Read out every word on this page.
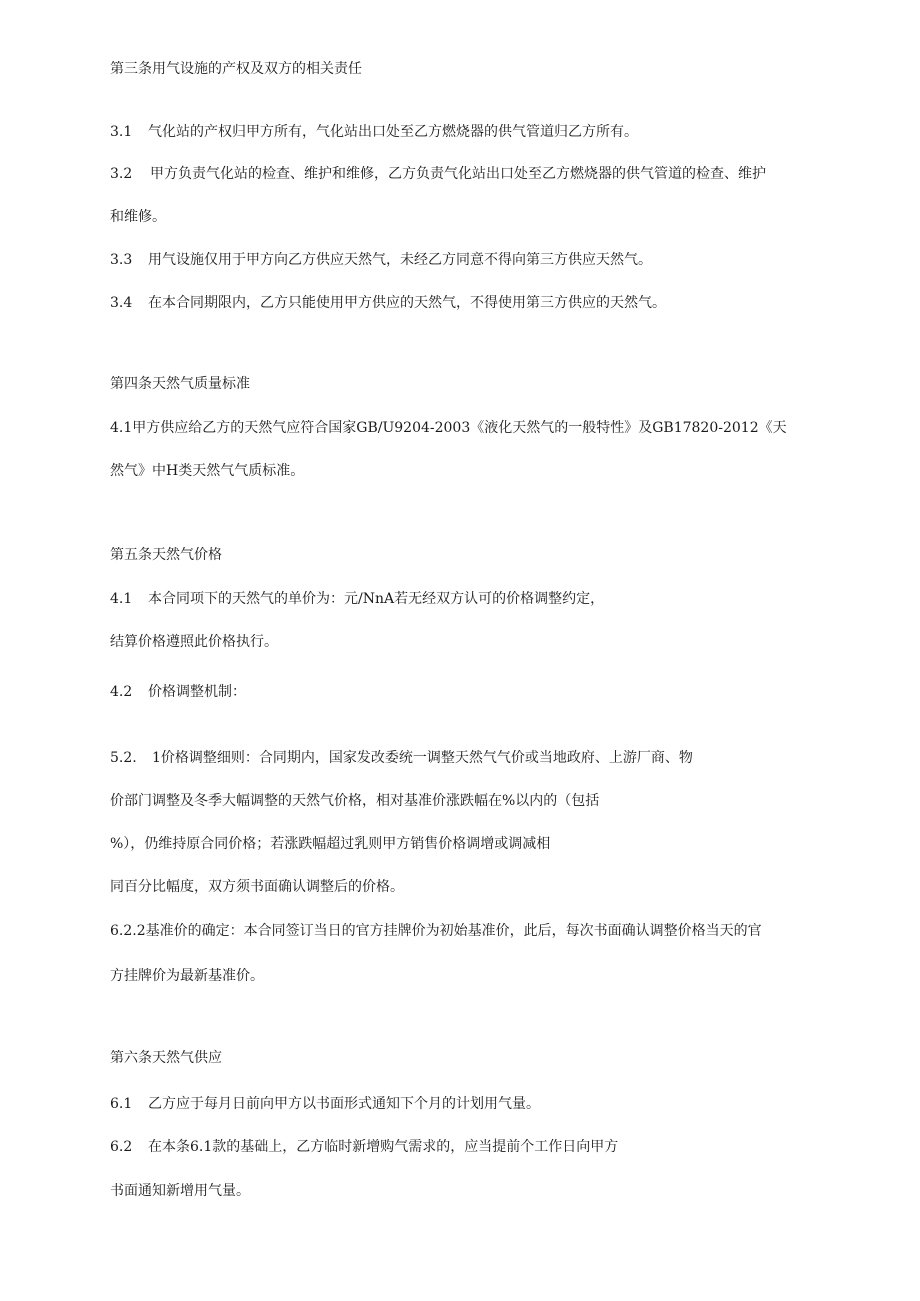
第三条用气设施的产权及双方的相关责任
3.1 气化站的产权归甲方所有，气化站出口处至乙方燃烧器的供气管道归乙方所有。
3.2 甲方负责气化站的检查、维护和维修，乙方负责气化站出口处至乙方燃烧器的供气管道的检查、维护
和维修。
3.3 用气设施仅用于甲方向乙方供应天然气，未经乙方同意不得向第三方供应天然气。
3.4 在本合同期限内，乙方只能使用甲方供应的天然气，不得使用第三方供应的天然气。
第四条天然气质量标准
4.1甲方供应给乙方的天然气应符合国家GB/U9204-2003《液化天然气的一般特性》及GB17820-2012《天
然气》中H类天然气气质标准。
第五条天然气价格
4.1 本合同项下的天然气的单价为：元/NnA若无经双方认可的价格调整约定，
结算价格遵照此价格执行。
4.2 价格调整机制：
5.2. 1价格调整细则：合同期内，国家发改委统一调整天然气气价或当地政府、上游厂商、物
价部门调整及冬季大幅调整的天然气价格，相对基准价涨跌幅在%以内的（包括
%），仍维持原合同价格；若涨跌幅超过乳则甲方销售价格调增或调减相
同百分比幅度，双方须书面确认调整后的价格。
6.2.2基准价的确定：本合同签订当日的官方挂牌价为初始基准价，此后，每次书面确认调整价格当天的官
方挂牌价为最新基准价。
第六条天然气供应
6.1 乙方应于每月日前向甲方以书面形式通知下个月的计划用气量。
6.2 在本条6.1款的基础上，乙方临时新增购气需求的，应当提前个工作日向甲方
书面通知新增用气量。
